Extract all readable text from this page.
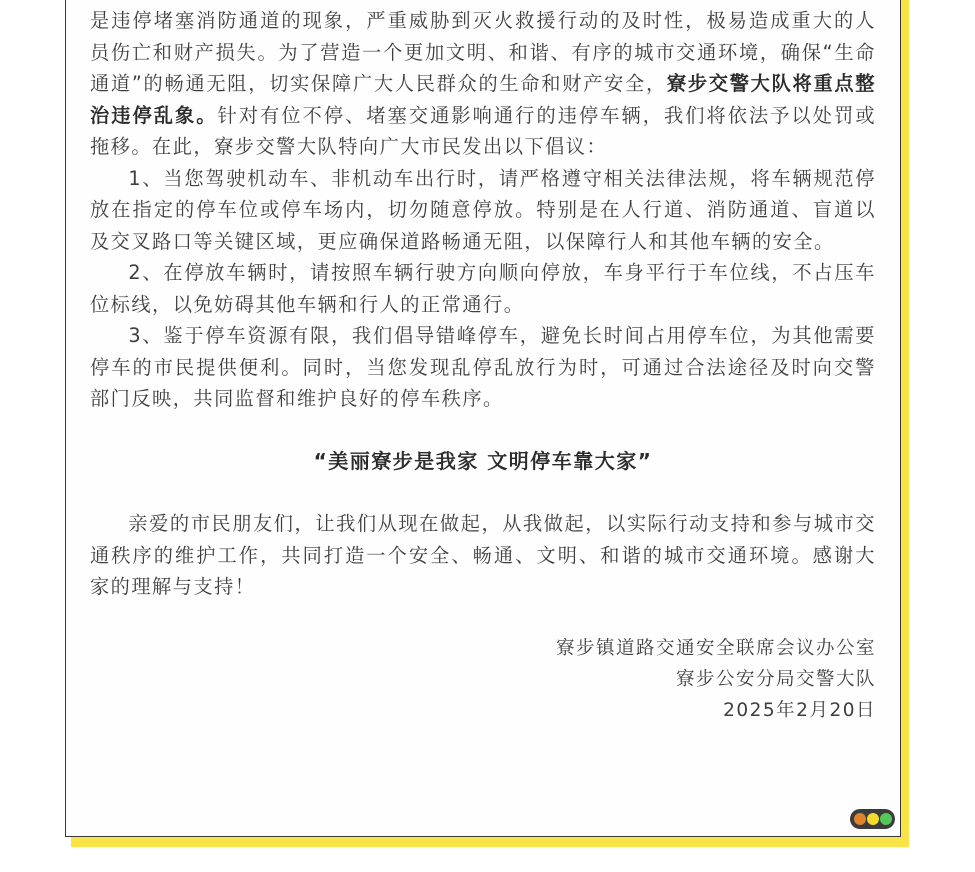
是违停堵塞消防通道的现象，严重威胁到灭火救援行动的及时性，极易造成重大的人员伤亡和财产损失。为了营造一个更加文明、和谐、有序的城市交通环境，确保“生命通道”的畅通无阻，切实保障广大人民群众的生命和财产安全，寮步交警大队将重点整治违停乱象。针对有位不停、堵塞交通影响通行的违停车辆，我们将依法予以处罚或拖移。在此，寮步交警大队特向广大市民发出以下倡议：

1、当您驾驶机动车、非机动车出行时，请严格遵守相关法律法规，将车辆规范停放在指定的停车位或停车场内，切勿随意停放。特别是在人行道、消防通道、盲道以及交叉路口等关键区域，更应确保道路畅通无阻，以保障行人和其他车辆的安全。

2、在停放车辆时，请按照车辆行驶方向顺向停放，车身平行于车位线，不占压车位标线，以免妨碍其他车辆和行人的正常通行。

3、鉴于停车资源有限，我们倡导错峰停车，避免长时间占用停车位，为其他需要停车的市民提供便利。同时，当您发现乱停乱放行为时，可通过合法途径及时向交警部门反映，共同监督和维护良好的停车秩序。

“美丽寮步是我家 文明停车靠大家”

亲爱的市民朋友们，让我们从现在做起，从我做起，以实际行动支持和参与城市交通秩序的维护工作，共同打造一个安全、畅通、文明、和谐的城市交通环境。感谢大家的理解与支持！

寮步镇道路交通安全联席会议办公室

寮步公安分局交警大队

2025年2月20日
